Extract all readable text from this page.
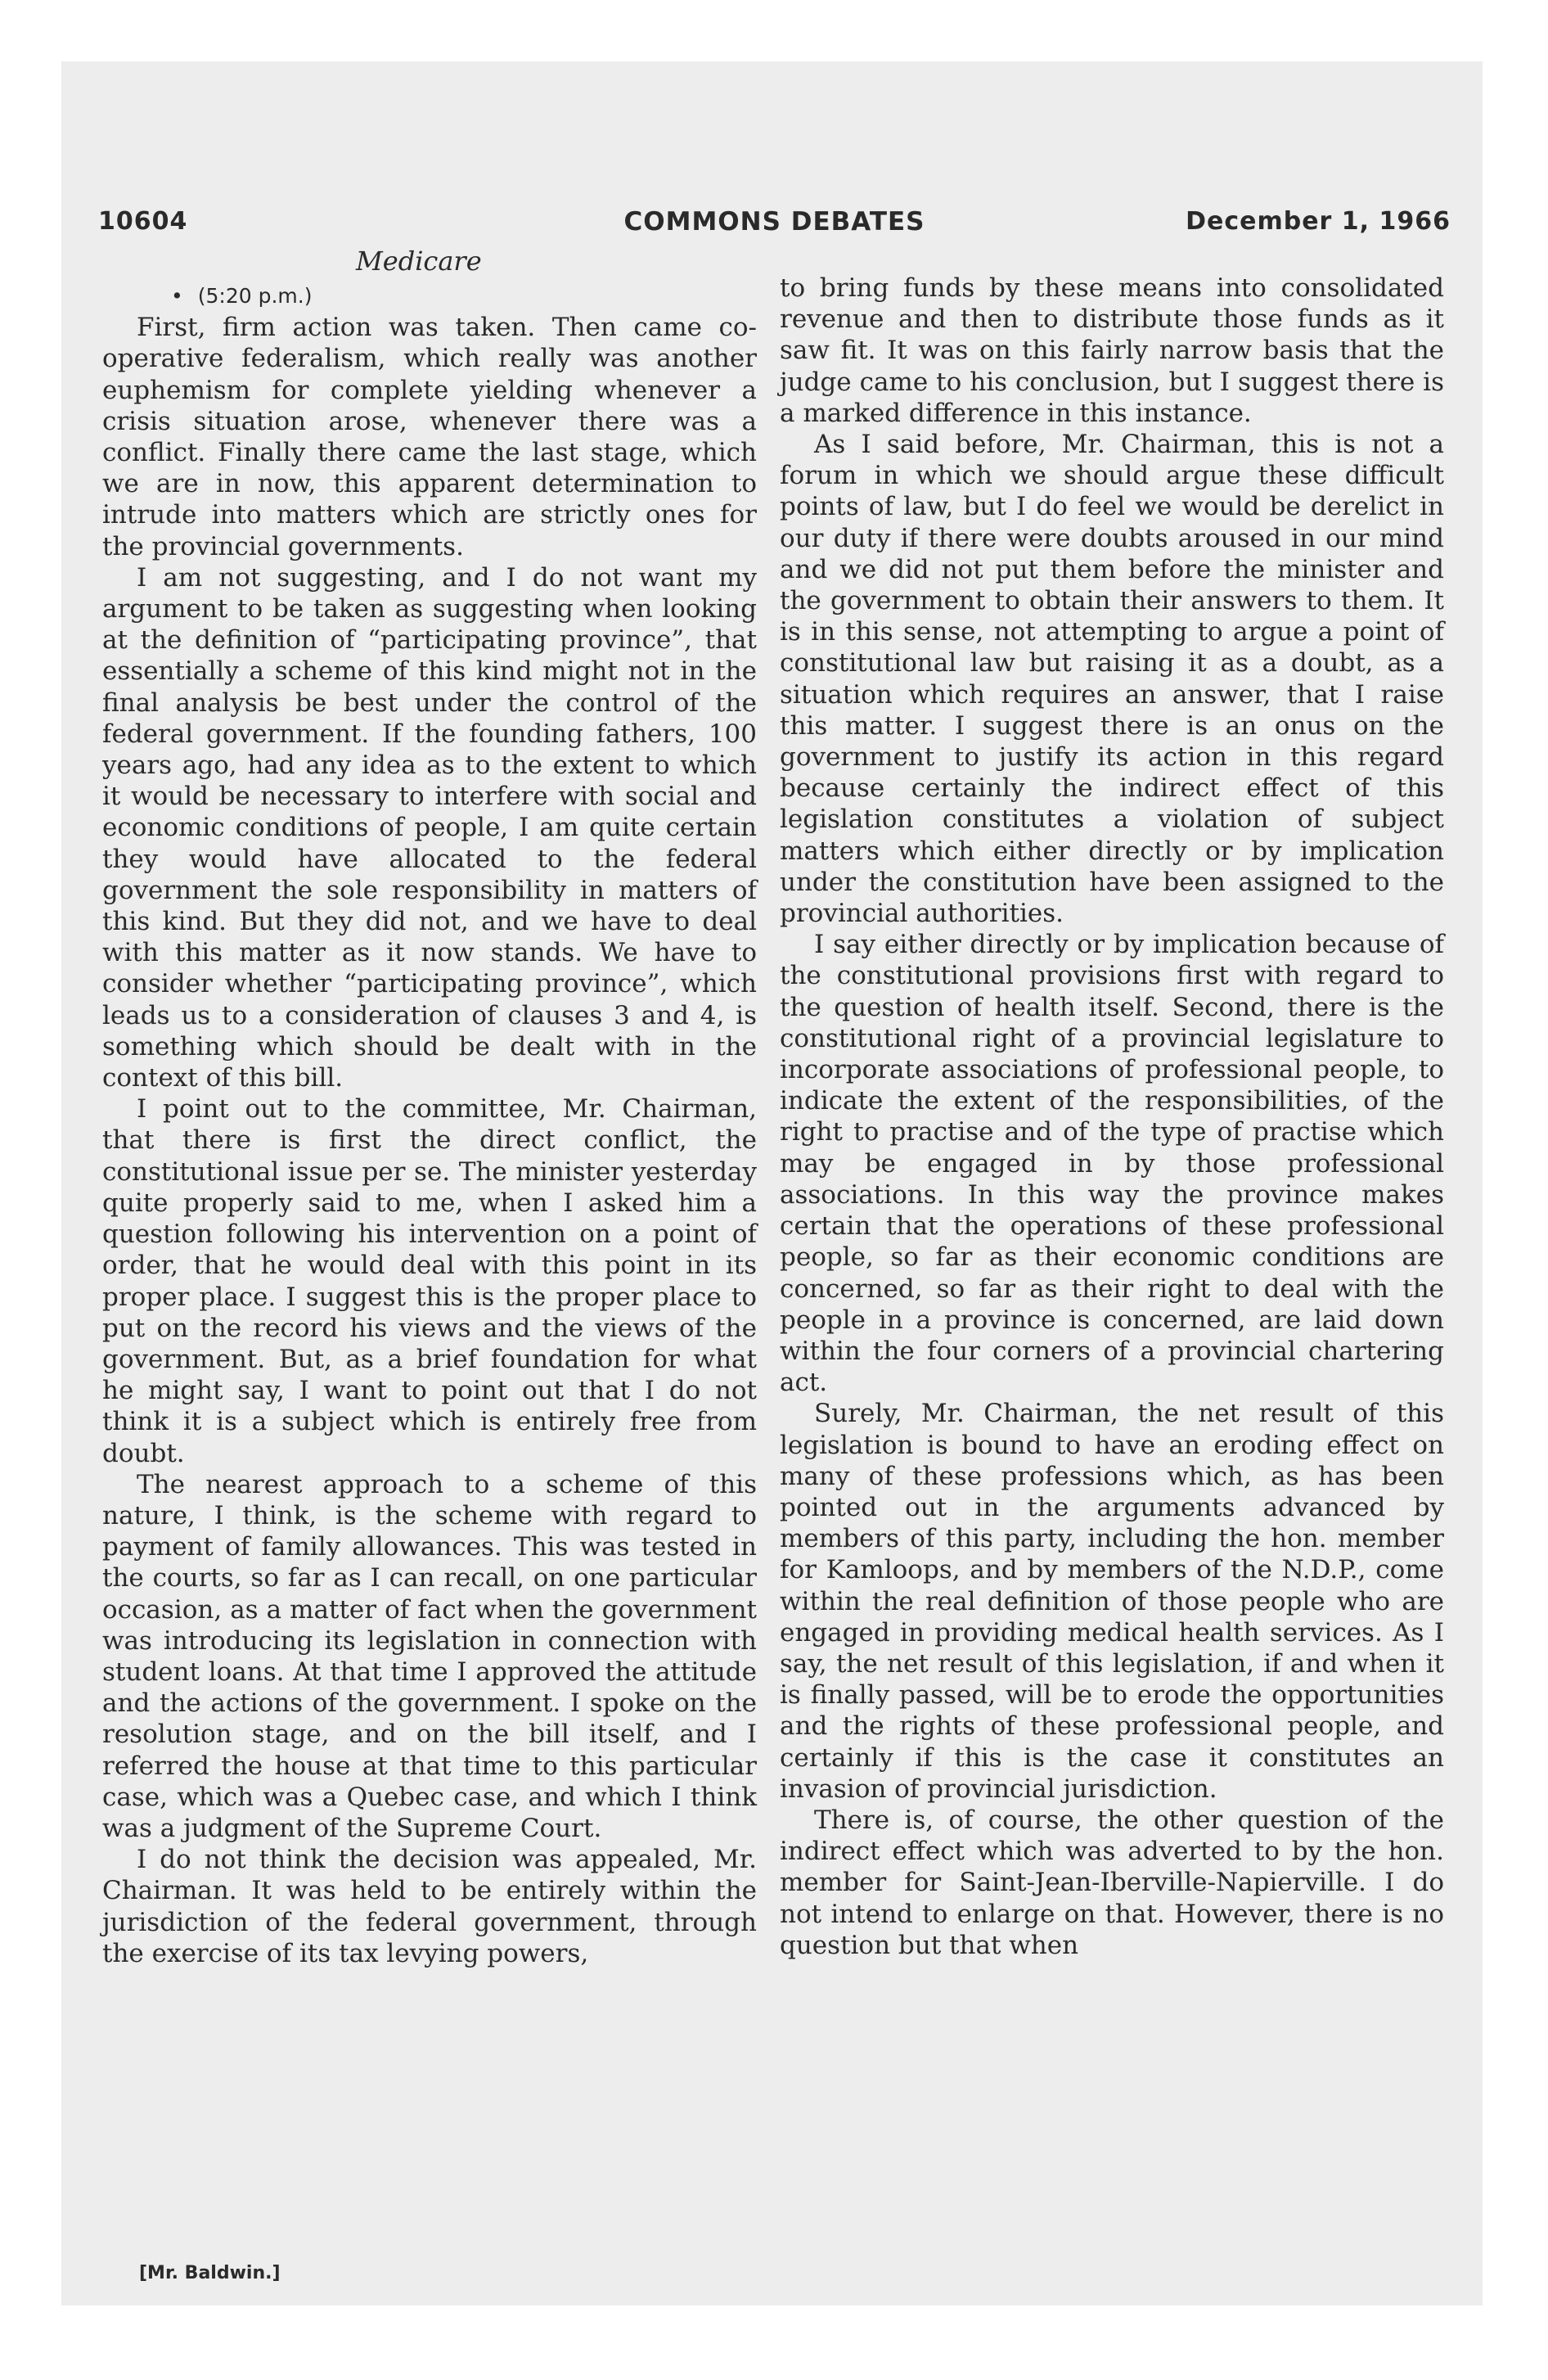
10604	COMMONS DEBATES	December 1, 1966
Medicare

• (5:20 p.m.)

First, firm action was taken. Then came co-operative federalism, which really was another euphemism for complete yielding whenever a crisis situation arose, whenever there was a conflict. Finally there came the last stage, which we are in now, this apparent determination to intrude into matters which are strictly ones for the provincial governments.

I am not suggesting, and I do not want my argument to be taken as suggesting when looking at the definition of “participating province”, that essentially a scheme of this kind might not in the final analysis be best under the control of the federal government. If the founding fathers, 100 years ago, had any idea as to the extent to which it would be necessary to interfere with social and economic conditions of people, I am quite certain they would have allocated to the federal government the sole responsibility in matters of this kind. But they did not, and we have to deal with this matter as it now stands. We have to consider whether “participating province”, which leads us to a consideration of clauses 3 and 4, is something which should be dealt with in the context of this bill.

I point out to the committee, Mr. Chairman, that there is first the direct conflict, the constitutional issue per se. The minister yesterday quite properly said to me, when I asked him a question following his intervention on a point of order, that he would deal with this point in its proper place. I suggest this is the proper place to put on the record his views and the views of the government. But, as a brief foundation for what he might say, I want to point out that I do not think it is a subject which is entirely free from doubt.

The nearest approach to a scheme of this nature, I think, is the scheme with regard to payment of family allowances. This was tested in the courts, so far as I can recall, on one particular occasion, as a matter of fact when the government was introducing its legislation in connection with student loans. At that time I approved the attitude and the actions of the government. I spoke on the resolution stage, and on the bill itself, and I referred the house at that time to this particular case, which was a Quebec case, and which I think was a judgment of the Supreme Court.

I do not think the decision was appealed, Mr. Chairman. It was held to be entirely within the jurisdiction of the federal government, through the exercise of its tax levying powers,

to bring funds by these means into consolidated revenue and then to distribute those funds as it saw fit. It was on this fairly narrow basis that the judge came to his conclusion, but I suggest there is a marked difference in this instance.

As I said before, Mr. Chairman, this is not a forum in which we should argue these difficult points of law, but I do feel we would be derelict in our duty if there were doubts aroused in our mind and we did not put them before the minister and the government to obtain their answers to them. It is in this sense, not attempting to argue a point of constitutional law but raising it as a doubt, as a situation which requires an answer, that I raise this matter. I suggest there is an onus on the government to justify its action in this regard because certainly the indirect effect of this legislation constitutes a violation of subject matters which either directly or by implication under the constitution have been assigned to the provincial authorities.

I say either directly or by implication because of the constitutional provisions first with regard to the question of health itself. Second, there is the constitutional right of a provincial legislature to incorporate associations of professional people, to indicate the extent of the responsibilities, of the right to practise and of the type of practise which may be engaged in by those professional associations. In this way the province makes certain that the operations of these professional people, so far as their economic conditions are concerned, so far as their right to deal with the people in a province is concerned, are laid down within the four corners of a provincial chartering act.

Surely, Mr. Chairman, the net result of this legislation is bound to have an eroding effect on many of these professions which, as has been pointed out in the arguments advanced by members of this party, including the hon. member for Kamloops, and by members of the N.D.P., come within the real definition of those people who are engaged in providing medical health services. As I say, the net result of this legislation, if and when it is finally passed, will be to erode the opportunities and the rights of these professional people, and certainly if this is the case it constitutes an invasion of provincial jurisdiction.

There is, of course, the other question of the indirect effect which was adverted to by the hon. member for Saint-Jean-Iberville-Napierville. I do not intend to enlarge on that. However, there is no question but that when

[Mr. Baldwin.]
